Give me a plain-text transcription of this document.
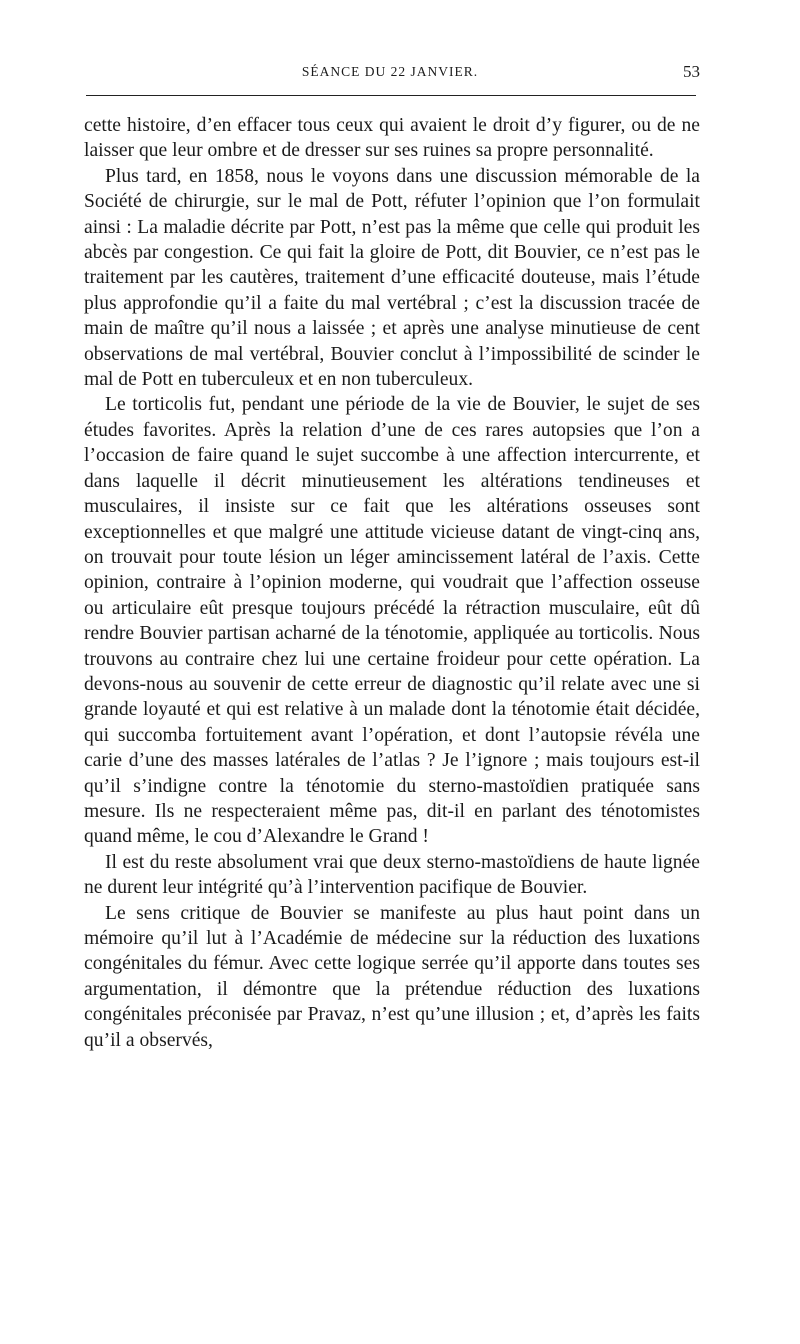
SÉANCE DU 22 JANVIER.	53

cette histoire, d’en effacer tous ceux qui avaient le droit d’y figurer, ou de ne laisser que leur ombre et de dresser sur ses ruines sa propre personnalité.

Plus tard, en 1858, nous le voyons dans une discussion mémorable de la Société de chirurgie, sur le mal de Pott, réfuter l’opinion que l’on formulait ainsi : La maladie décrite par Pott, n’est pas la même que celle qui produit les abcès par congestion. Ce qui fait la gloire de Pott, dit Bouvier, ce n’est pas le traitement par les cautères, traitement d’une efficacité douteuse, mais l’étude plus approfondie qu’il a faite du mal vertébral ; c’est la discussion tracée de main de maître qu’il nous a laissée ; et après une analyse minutieuse de cent observations de mal vertébral, Bouvier conclut à l’impossibilité de scinder le mal de Pott en tuberculeux et en non tuberculeux.

Le torticolis fut, pendant une période de la vie de Bouvier, le sujet de ses études favorites. Après la relation d’une de ces rares autopsies que l’on a l’occasion de faire quand le sujet succombe à une affection intercurrente, et dans laquelle il décrit minutieusement les altérations tendineuses et musculaires, il insiste sur ce fait que les altérations osseuses sont exceptionnelles et que malgré une attitude vicieuse datant de vingt-cinq ans, on trouvait pour toute lésion un léger amincissement latéral de l’axis. Cette opinion, contraire à l’opinion moderne, qui voudrait que l’affection osseuse ou articulaire eût presque toujours précédé la rétraction musculaire, eût dû rendre Bouvier partisan acharné de la ténotomie, appliquée au torticolis. Nous trouvons au contraire chez lui une certaine froideur pour cette opération. La devons-nous au souvenir de cette erreur de diagnostic qu’il relate avec une si grande loyauté et qui est relative à un malade dont la ténotomie était décidée, qui succomba fortuitement avant l’opération, et dont l’autopsie révéla une carie d’une des masses latérales de l’atlas ? Je l’ignore ; mais toujours est-il qu’il s’indigne contre la ténotomie du sterno-mastoïdien pratiquée sans mesure. Ils ne respecteraient même pas, dit-il en parlant des ténotomistes quand même, le cou d’Alexandre le Grand !

Il est du reste absolument vrai que deux sterno-mastoïdiens de haute lignée ne durent leur intégrité qu’à l’intervention pacifique de Bouvier.

Le sens critique de Bouvier se manifeste au plus haut point dans un mémoire qu’il lut à l’Académie de médecine sur la réduction des luxations congénitales du fémur. Avec cette logique serrée qu’il apporte dans toutes ses argumentation, il démontre que la prétendue réduction des luxations congénitales préconisée par Pravaz, n’est qu’une illusion ; et, d’après les faits qu’il a observés,
